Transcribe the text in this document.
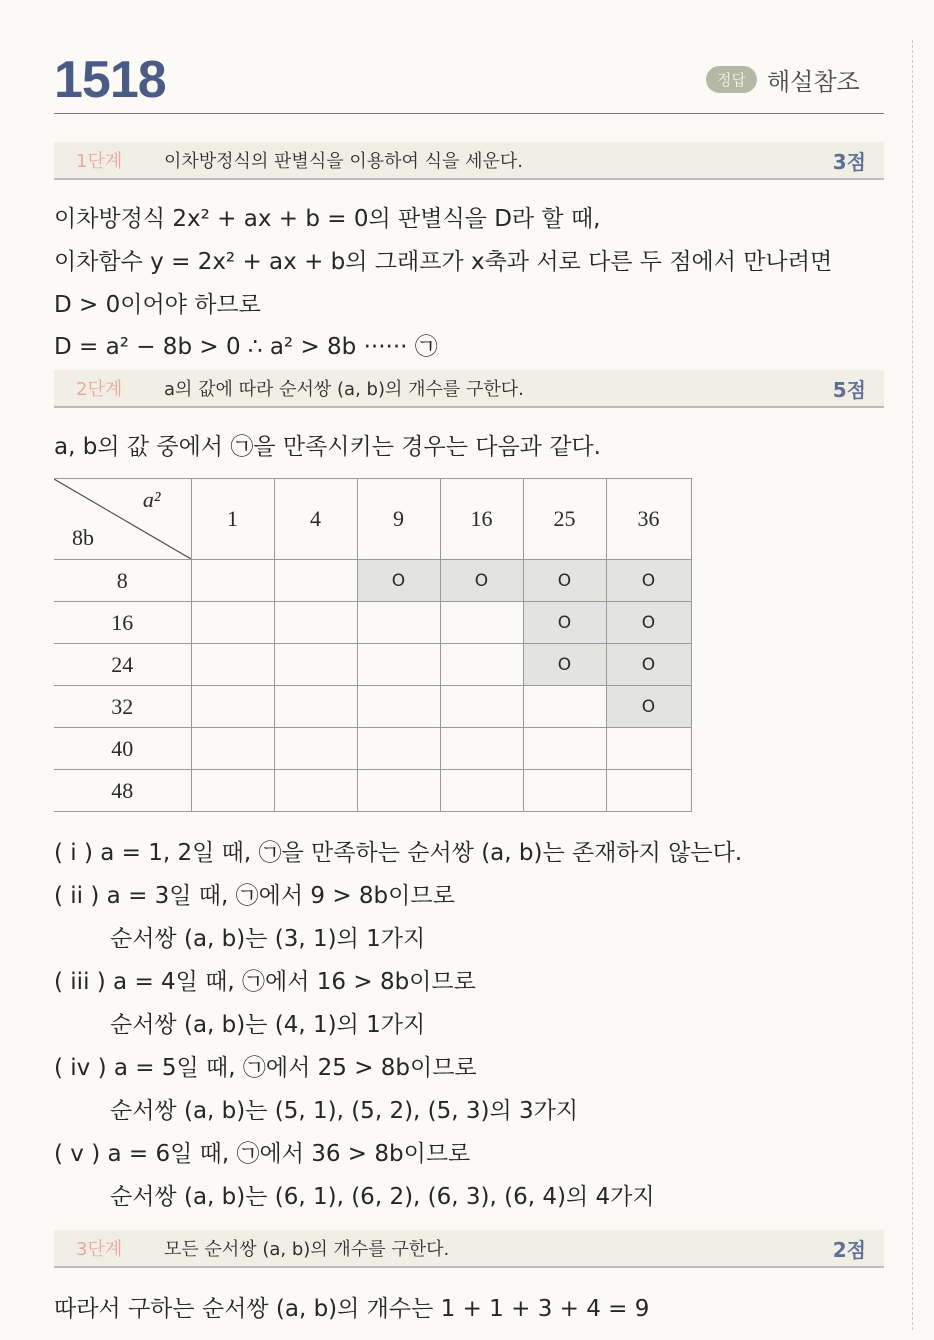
1518	정답 해설참조
1단계	이차방정식의 판별식을 이용하여 식을 세운다.	3점
이차방정식 2x² + ax + b = 0의 판별식을 D라 할 때,
이차함수 y = 2x² + ax + b의 그래프가 x축과 서로 다른 두 점에서 만나려면
D > 0이어야 하므로
D = a² − 8b > 0 ∴ a² > 8b ······ ㉠
2단계	a의 값에 따라 순서쌍 (a, b)의 개수를 구한다.	5점
a, b의 값 중에서 ㉠을 만족시키는 경우는 다음과 같다.
a²
8b	1	4	9	16	25	36
8			O	O	O	O
16					O	O
24					O	O
32						O
40						
48						
( i ) a = 1, 2일 때, ㉠을 만족하는 순서쌍 (a, b)는 존재하지 않는다.
( ii ) a = 3일 때, ㉠에서 9 > 8b이므로
순서쌍 (a, b)는 (3, 1)의 1가지
( iii ) a = 4일 때, ㉠에서 16 > 8b이므로
순서쌍 (a, b)는 (4, 1)의 1가지
( iv ) a = 5일 때, ㉠에서 25 > 8b이므로
순서쌍 (a, b)는 (5, 1), (5, 2), (5, 3)의 3가지
( v ) a = 6일 때, ㉠에서 36 > 8b이므로
순서쌍 (a, b)는 (6, 1), (6, 2), (6, 3), (6, 4)의 4가지
3단계	모든 순서쌍 (a, b)의 개수를 구한다.	2점
따라서 구하는 순서쌍 (a, b)의 개수는 1 + 1 + 3 + 4 = 9
